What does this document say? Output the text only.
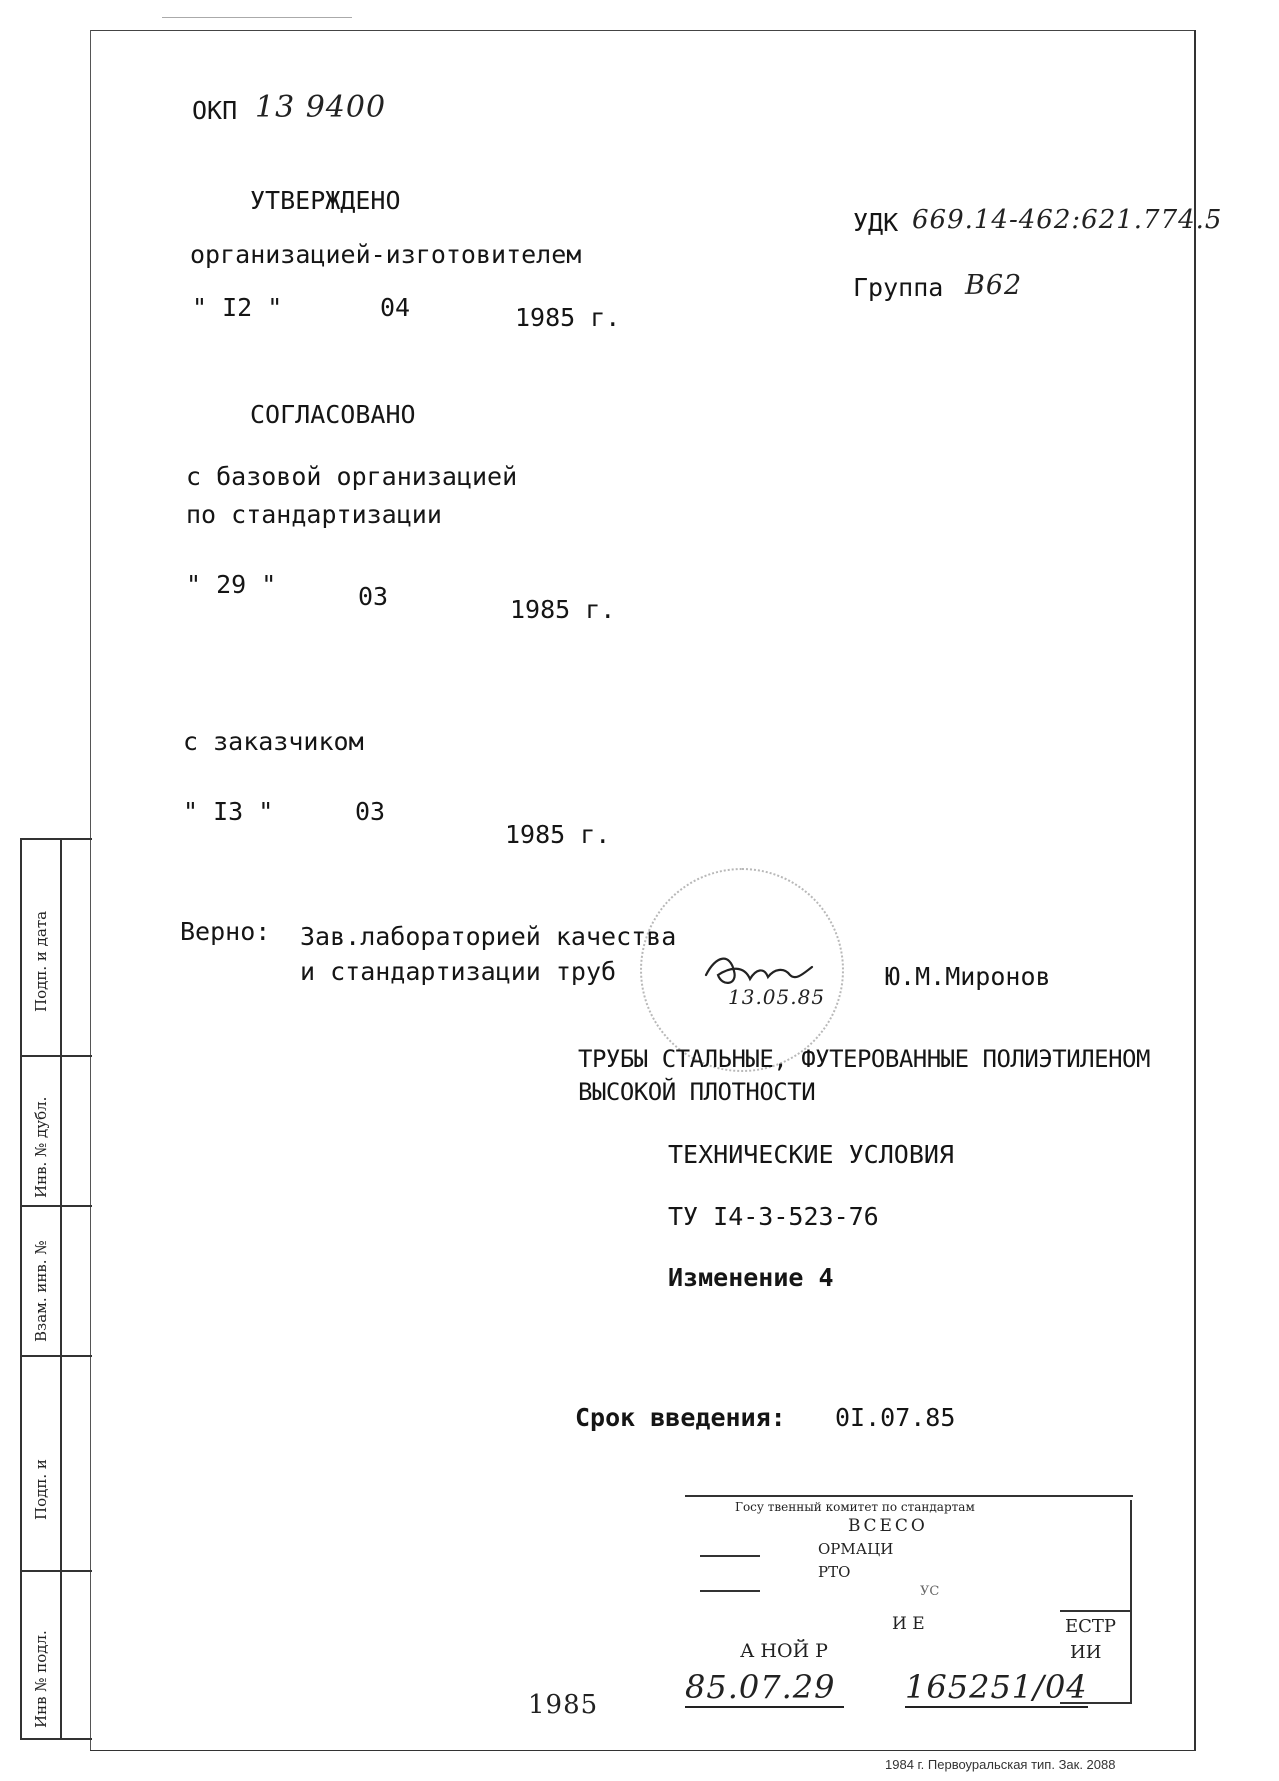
ОКП 13 9400
УТВЕРЖДЕНО
организацией-изготовителем
" I2 "	04	1985 г.
УДК 669.14-462:621.774.5
Группа В62
СОГЛАСОВАНО
с базовой организацией
по стандартизации
" 29 "	03	1985 г.
с заказчиком
" I3 "	03
1985 г.
Верно: Зав.лабораторией качества
и стандартизации труб
13.05.85
Ю.М.Миронов
ТРУБЫ СТАЛЬНЫЕ, ФУТЕРОВАННЫЕ ПОЛИЭТИЛЕНОМ
ВЫСОКОЙ ПЛОТНОСТИ
ТЕХНИЧЕСКИЕ УСЛОВИЯ
ТУ I4-3-523-76
Изменение 4
Срок введения: 0I.07.85
Госу твенный комитет по стандартам
ВСЕСО
ОРМАЦИ
РТО
УС
И Е	ЕСТР
А НОЙ Р	ИИ
85.07.29 165251/04
Подп. и дата
Инв. № дубл.
Взам. инв. №
Подп. и
Инв № подл.	1985
1984 г. Первоуральская тип. Зак. 2088
